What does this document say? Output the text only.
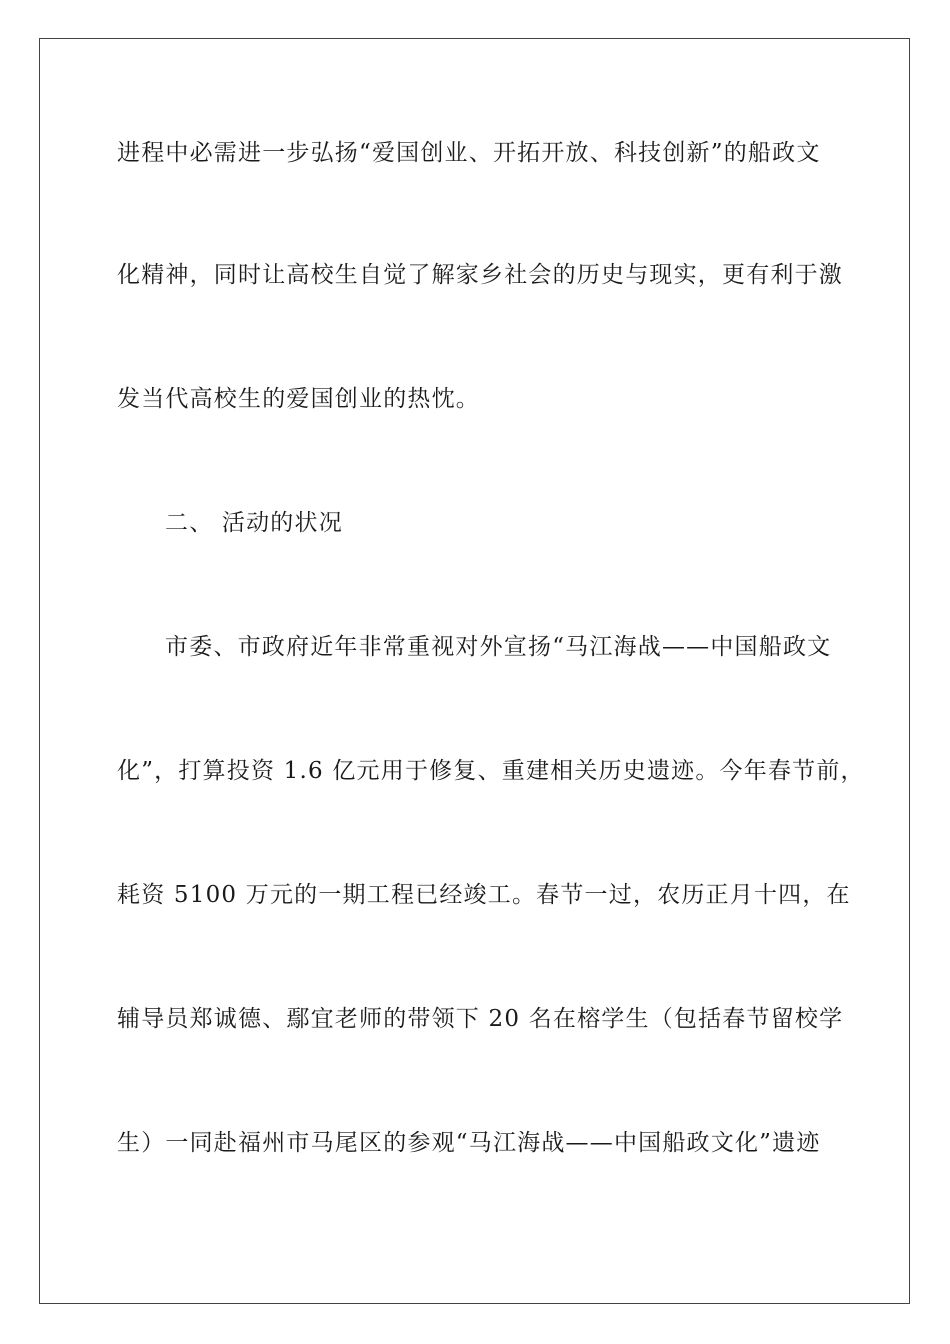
进程中必需进一步弘扬“爱国创业、开拓开放、科技创新”的船政文
化精神，同时让高校生自觉了解家乡社会的历史与现实，更有利于激
发当代高校生的爱国创业的热忱。
二、 活动的状况
市委、市政府近年非常重视对外宣扬“马江海战——中国船政文
化”，打算投资 1.6 亿元用于修复、重建相关历史遗迹。今年春节前，
耗资 5100 万元的一期工程已经竣工。春节一过，农历正月十四，在
辅导员郑诚德、鄢宜老师的带领下 20 名在榕学生（包括春节留校学
生）一同赴福州市马尾区的参观“马江海战——中国船政文化”遗迹
